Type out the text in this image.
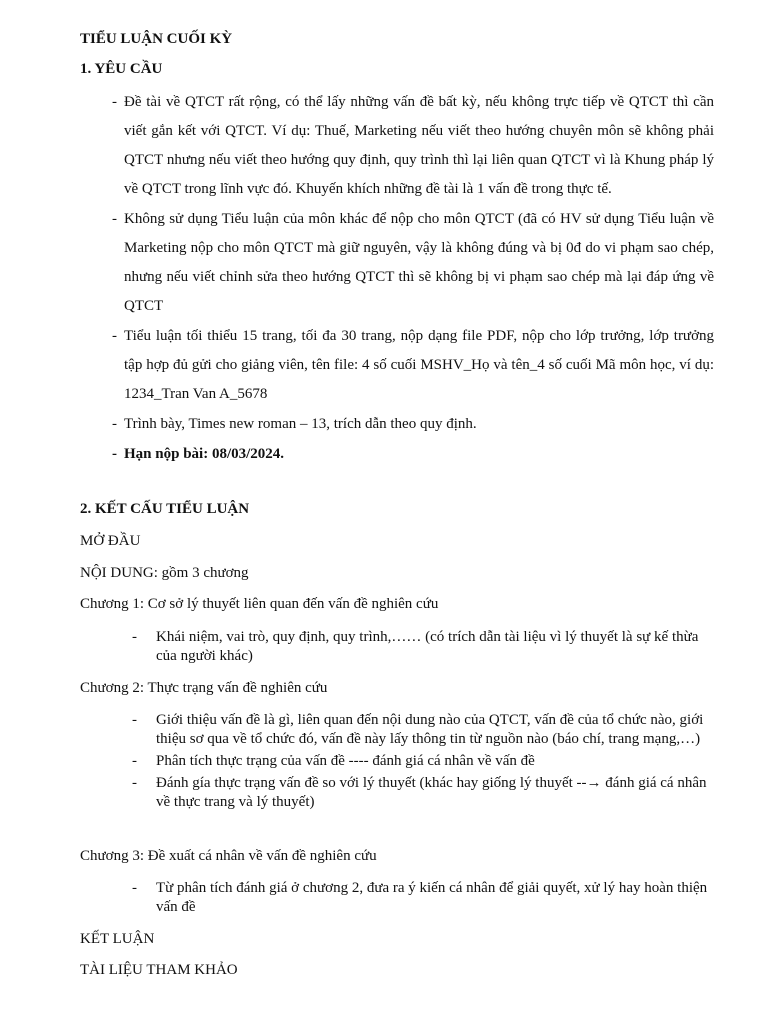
TIỂU LUẬN CUỐI KỲ

1. YÊU CẦU

- Đề tài về QTCT rất rộng, có thể lấy những vấn đề bất kỳ, nếu không trực tiếp về QTCT thì cần viết gắn kết với QTCT. Ví dụ: Thuế, Marketing nếu viết theo hướng chuyên môn sẽ không phải QTCT nhưng nếu viết theo hướng quy định, quy trình thì lại liên quan QTCT vì là Khung pháp lý về QTCT trong lĩnh vực đó. Khuyến khích những đề tài là 1 vấn đề trong thực tế.
- Không sử dụng Tiểu luận của môn khác để nộp cho môn QTCT (đã có HV sử dụng Tiểu luận về Marketing nộp cho môn QTCT mà giữ nguyên, vậy là không đúng và bị 0đ do vi phạm sao chép, nhưng nếu viết chỉnh sửa theo hướng QTCT thì sẽ không bị vi phạm sao chép mà lại đáp ứng về QTCT
- Tiểu luận tối thiểu 15 trang, tối đa 30 trang, nộp dạng file PDF, nộp cho lớp trưởng, lớp trưởng tập hợp đủ gửi cho giảng viên, tên file: 4 số cuối MSHV_Họ và tên_4 số cuối Mã môn học, ví dụ: 1234_Tran Van A_5678
- Trình bày, Times new roman – 13, trích dẫn theo quy định.
- Hạn nộp bài: 08/03/2024.

2. KẾT CẤU TIỂU LUẬN

MỞ ĐẦU

NỘI DUNG: gồm 3 chương

Chương 1: Cơ sở lý thuyết liên quan đến vấn đề nghiên cứu

- Khái niệm, vai trò, quy định, quy trình,…… (có trích dẫn tài liệu vì lý thuyết là sự kế thừa của người khác)

Chương 2: Thực trạng vấn đề nghiên cứu

- Giới thiệu vấn đề là gì, liên quan đến nội dung nào của QTCT, vấn đề của tổ chức nào, giới thiệu sơ qua về tổ chức đó, vấn đề này lấy thông tin từ nguồn nào (báo chí, trang mạng,…)
- Phân tích thực trạng của vấn đề ---- đánh giá cá nhân về vấn đề
- Đánh gía thực trạng vấn đề so với lý thuyết (khác hay giống lý thuyết --→ đánh giá cá nhân về thực trang và lý thuyết)

Chương 3: Đề xuất cá nhân về vấn đề nghiên cứu

- Từ phân tích đánh giá ở chương 2, đưa ra ý kiến cá nhân để giải quyết, xử lý hay hoàn thiện vấn đề

KẾT LUẬN

TÀI LIỆU THAM KHẢO
